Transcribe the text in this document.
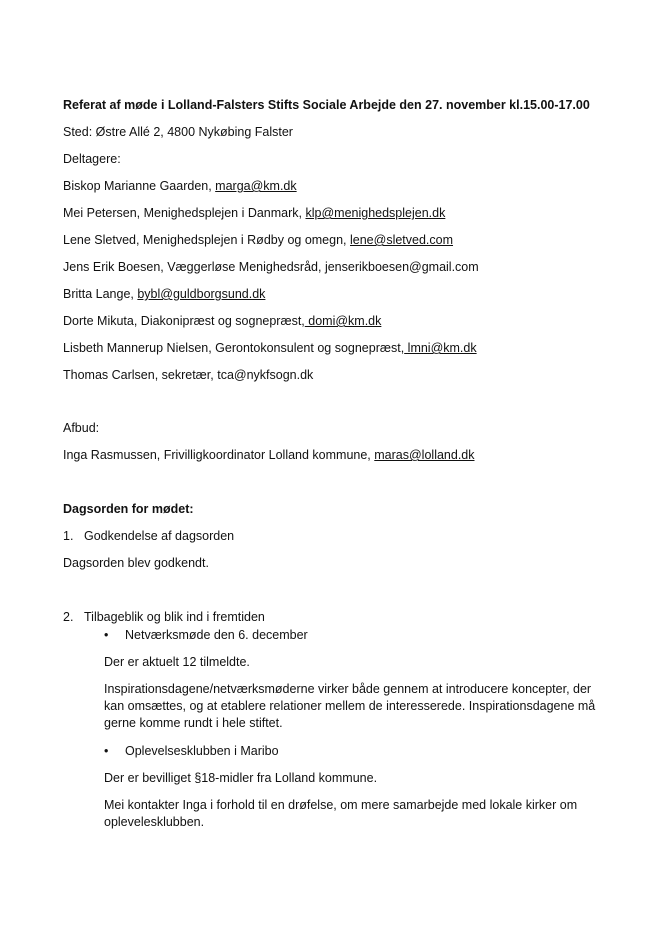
Referat af møde i Lolland-Falsters Stifts Sociale Arbejde den 27. november kl.15.00-17.00
Sted: Østre Allé 2, 4800 Nykøbing Falster
Deltagere:
Biskop Marianne Gaarden, marga@km.dk
Mei Petersen, Menighedsplejen i Danmark, klp@menighedsplejen.dk
Lene Sletved, Menighedsplejen i Rødby og omegn, lene@sletved.com
Jens Erik Boesen, Væggerløse Menighedsråd, jenserikboesen@gmail.com
Britta Lange, bybl@guldborgsund.dk
Dorte Mikuta, Diakonipræst og sognepræst, domi@km.dk
Lisbeth Mannerup Nielsen, Gerontokonsulent og sognepræst, lmni@km.dk
Thomas Carlsen, sekretær, tca@nykfsogn.dk
Afbud:
Inga Rasmussen, Frivilligkoordinator Lolland kommune, maras@lolland.dk
Dagsorden for mødet:
1. Godkendelse af dagsorden
Dagsorden blev godkendt.
2. Tilbageblik og blik ind i fremtiden
• Netværksmøde den 6. december
Der er aktuelt 12 tilmeldte.
Inspirationsdagene/netværksmøderne virker både gennem at introducere koncepter, der
kan omsættes, og at etablere relationer mellem de interesserede. Inspirationsdagene må
gerne komme rundt i hele stiftet.
• Oplevelsesklubben i Maribo
Der er bevilliget §18-midler fra Lolland kommune.
Mei kontakter Inga i forhold til en drøfelse, om mere samarbejde med lokale kirker om
oplevelesklubben.
